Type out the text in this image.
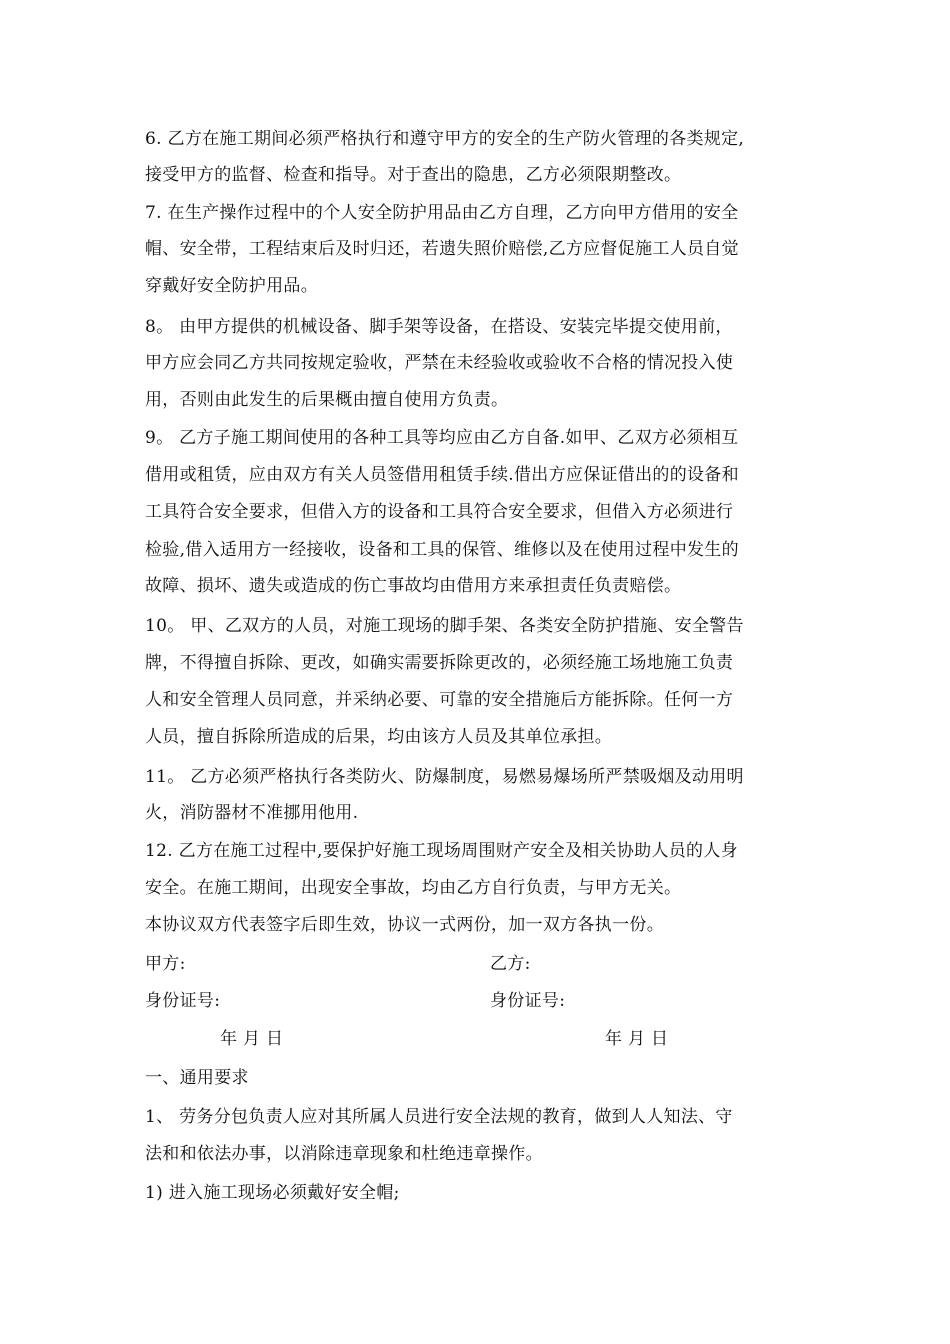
6. 乙方在施工期间必须严格执行和遵守甲方的安全的生产防火管理的各类规定,
接受甲方的监督、检查和指导。对于查出的隐患，乙方必须限期整改。
7. 在生产操作过程中的个人安全防护用品由乙方自理，乙方向甲方借用的安全
帽、安全带，工程结束后及时归还，若遗失照价赔偿,乙方应督促施工人员自觉
穿戴好安全防护用品。
8。 由甲方提供的机械设备、脚手架等设备，在搭设、安装完毕提交使用前，
甲方应会同乙方共同按规定验收，严禁在未经验收或验收不合格的情况投入使
用，否则由此发生的后果概由擅自使用方负责。
9。 乙方子施工期间使用的各种工具等均应由乙方自备.如甲、乙双方必须相互
借用或租赁，应由双方有关人员签借用租赁手续.借出方应保证借出的的设备和
工具符合安全要求，但借入方的设备和工具符合安全要求，但借入方必须进行
检验,借入适用方一经接收，设备和工具的保管、维修以及在使用过程中发生的
故障、损坏、遗失或造成的伤亡事故均由借用方来承担责任负责赔偿。
10。 甲、乙双方的人员，对施工现场的脚手架、各类安全防护措施、安全警告
牌，不得擅自拆除、更改，如确实需要拆除更改的，必须经施工场地施工负责
人和安全管理人员同意，并采纳必要、可靠的安全措施后方能拆除。任何一方
人员，擅自拆除所造成的后果，均由该方人员及其单位承担。
11。 乙方必须严格执行各类防火、防爆制度，易燃易爆场所严禁吸烟及动用明
火，消防器材不准挪用他用.
12. 乙方在施工过程中,要保护好施工现场周围财产安全及相关协助人员的人身
安全。在施工期间，出现安全事故，均由乙方自行负责，与甲方无关。
本协议双方代表签字后即生效，协议一式两份，加一双方各执一份。
甲方:	乙方:
身份证号:	身份证号:
年 月 日	年 月 日
一、通用要求
1、 劳务分包负责人应对其所属人员进行安全法规的教育，做到人人知法、守
法和和依法办事，以消除违章现象和杜绝违章操作。
1) 进入施工现场必须戴好安全帽;
